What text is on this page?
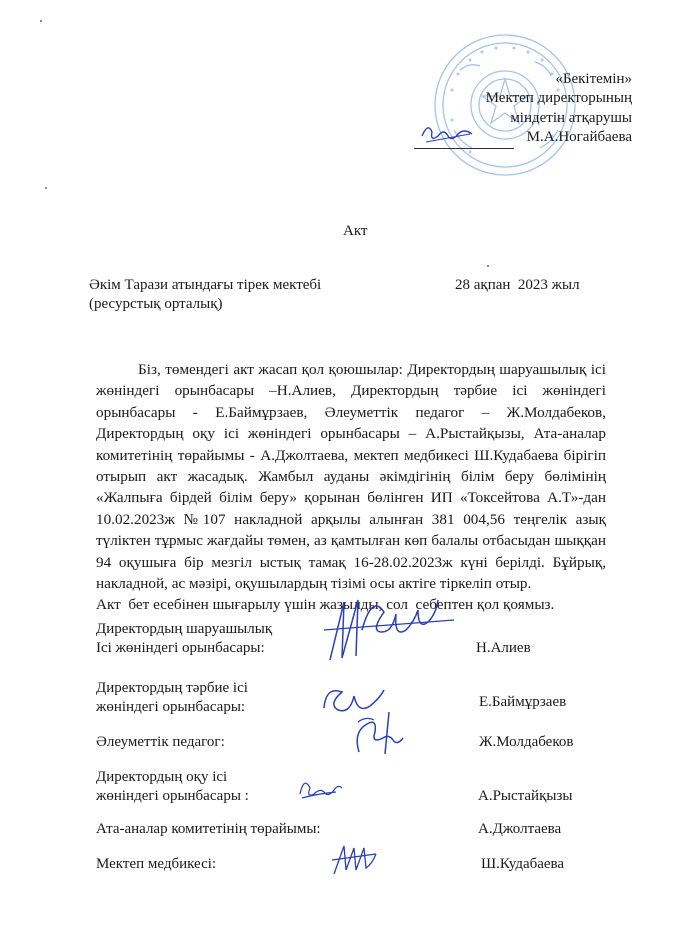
«Бекітемін»
Мектеп директорының
міндетін атқарушы
М.А.Ногайбаева
Акт
Әкім Тарази атындағы тірек мектебі
(ресурстық орталық)
28 ақпан  2023 жыл

Біз, төмендегі акт жасап қол қоюшылар: Директордың шаруашылық ісі жөніндегі орынбасары –Н.Алиев, Директордың тәрбие ісі жөніндегі орынбасары - Е.Баймұрзаев, Әлеуметтік педагог – Ж.Молдабеков, Директордың оқу ісі жөніндегі орынбасары – А.Рыстайқызы, Ата-аналар комитетінің төрайымы - А.Джолтаева, мектеп медбикесі Ш.Кудабаева бірігіп отырып акт жасадық. Жамбыл ауданы әкімдігінің білім беру бөлімінің «Жалпыға бірдей білім беру» қорынан бөлінген ИП «Токсейтова А.Т»-дан 10.02.2023ж №107 накладной арқылы алынған 381 004,56 теңгелік азық түліктен тұрмыс жағдайы төмен, аз қамтылған көп балалы отбасыдан шыққан 94 оқушыға бір мезгіл ыстық тамақ 16-28.02.2023ж күні берілді. Бұйрық, накладной, ас мәзірі, оқушылардың тізімі осы актіге тіркеліп отыр.

Акт  бет есебінен шығарылу үшін жазылды, сол  себептен қол қоямыз.

Директордың шаруашылық
Ісі жөніндегі орынбасары:	Н.Алиев
Директордың тәрбие ісі
жөніндегі орынбасары:	Е.Баймұрзаев
Әлеуметтік педагог:	Ж.Молдабеков
Директордың оқу ісі
жөніндегі орынбасары :	А.Рыстайқызы
Ата-аналар комитетінің төрайымы:	А.Джолтаева
Мектеп медбикесі:	Ш.Кудабаева
